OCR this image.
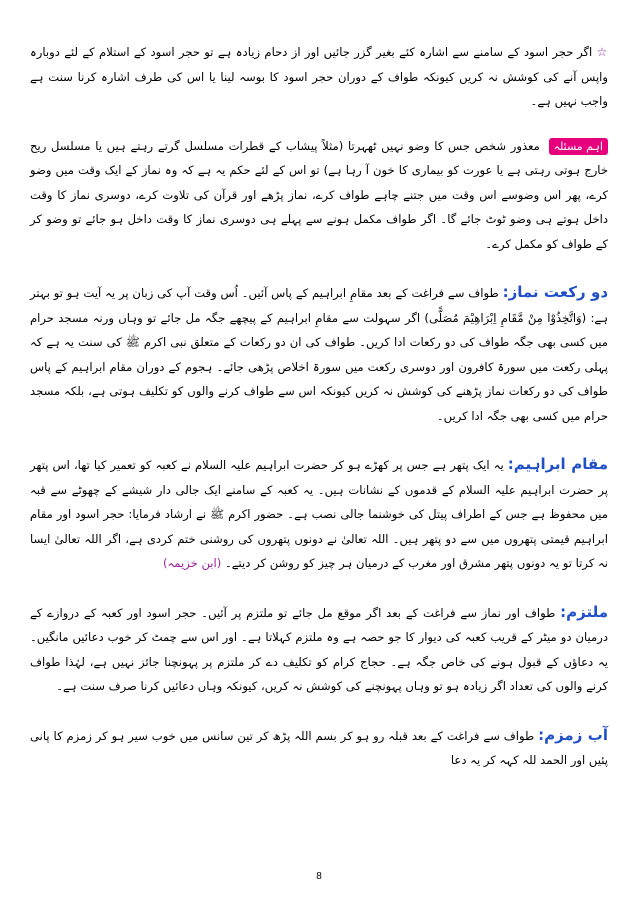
☆ اگر حجر اسود کے سامنے سے اشارہ کئے بغیر گزر جائیں اور از دحام زیادہ ہے تو حجر اسود کے استلام کے لئے دوبارہ واپس آنے کی کوشش نہ کریں کیونکہ طواف کے دوران حجر اسود کا بوسہ لینا یا اس کی طرف اشارہ کرنا سنت ہے واجب نہیں ہے۔

اہم مسئلہ معذور شخص جس کا وضو نہیں ٹھہرتا (مثلاً پیشاب کے قطرات مسلسل گرتے رہتے ہیں یا مسلسل ریح خارج ہوتی رہتی ہے یا عورت کو بیماری کا خون آ رہا ہے) تو اس کے لئے حکم یہ ہے کہ وہ نماز کے ایک وقت میں وضو کرے، پھر اس وضوسے اس وقت میں جتنے چاہے طواف کرے، نماز پڑھے اور قرآن کی تلاوت کرے، دوسری نماز کا وقت داخل ہوتے ہی وضو ٹوٹ جائے گا۔ اگر طواف مکمل ہونے سے پہلے ہی دوسری نماز کا وقت داخل ہو جائے تو وضو کر کے طواف کو مکمل کرے۔

دو رکعت نماز: طواف سے فراغت کے بعد مقامِ ابراہیم کے پاس آئیں۔ اُس وقت آپ کی زبان پر یہ آیت ہو تو بہتر ہے: (وَاتَّخِذُوْا مِنْ مَّقَامِ اِبْرَاهِيْمَ مُصَلًّى) اگر سہولت سے مقامِ ابراہیم کے پیچھے جگہ مل جائے تو وہاں ورنہ مسجد حرام میں کسی بھی جگہ طواف کی دو رکعات ادا کریں۔ طواف کی ان دو رکعات کے متعلق نبی اکرم ﷺ کی سنت یہ ہے کہ پہلی رکعت میں سورۃ کافرون اور دوسری رکعت میں سورۃ اخلاص پڑھی جائے۔ ہجوم کے دوران مقام ابراہیم کے پاس طواف کی دو رکعات نماز پڑھنے کی کوشش نہ کریں کیونکہ اس سے طواف کرنے والوں کو تکلیف ہوتی ہے، بلکہ مسجد حرام میں کسی بھی جگہ ادا کریں۔

مقام ابراہیم: یہ ایک پتھر ہے جس پر کھڑے ہو کر حضرت ابراہیم علیہ السلام نے کعبہ کو تعمیر کیا تھا، اس پتھر پر حضرت ابراہیم علیہ السلام کے قدموں کے نشانات ہیں۔ یہ کعبہ کے سامنے ایک جالی دار شیشے کے چھوٹے سے قبہ میں محفوظ ہے جس کے اطراف پیتل کی خوشنما جالی نصب ہے۔ حضور اکرم ﷺ نے ارشاد فرمایا: حجر اسود اور مقام ابراہیم قیمتی پتھروں میں سے دو پتھر ہیں۔ اللہ تعالیٰ نے دونوں پتھروں کی روشنی ختم کردی ہے، اگر اللہ تعالیٰ ایسا نہ کرتا تو یہ دونوں پتھر مشرق اور مغرب کے درمیان ہر چیز کو روشن کر دیتے۔ (ابن خزیمہ)

ملتزم: طواف اور نماز سے فراغت کے بعد اگر موقع مل جائے تو ملتزم پر آئیں۔ حجر اسود اور کعبہ کے دروازے کے درمیان دو میٹر کے قریب کعبہ کی دیوار کا جو حصہ ہے وہ ملتزم کہلاتا ہے۔ اور اس سے چمٹ کر خوب دعائیں مانگیں۔ یہ دعاؤں کے قبول ہونے کی خاص جگہ ہے۔ حجاج کرام کو تکلیف دے کر ملتزم پر پہونچنا جائز نہیں ہے، لہٰذا طواف کرنے والوں کی تعداد اگر زیادہ ہو تو وہاں پہونچنے کی کوشش نہ کریں، کیونکہ وہاں دعائیں کرنا صرف سنت ہے۔

آب زمزم: طواف سے فراغت کے بعد قبلہ رو ہو کر بسم اللہ پڑھ کر تین سانس میں خوب سیر ہو کر زمزم کا پانی پئیں اور الحمد للہ کہہ کر یہ دعا

8
